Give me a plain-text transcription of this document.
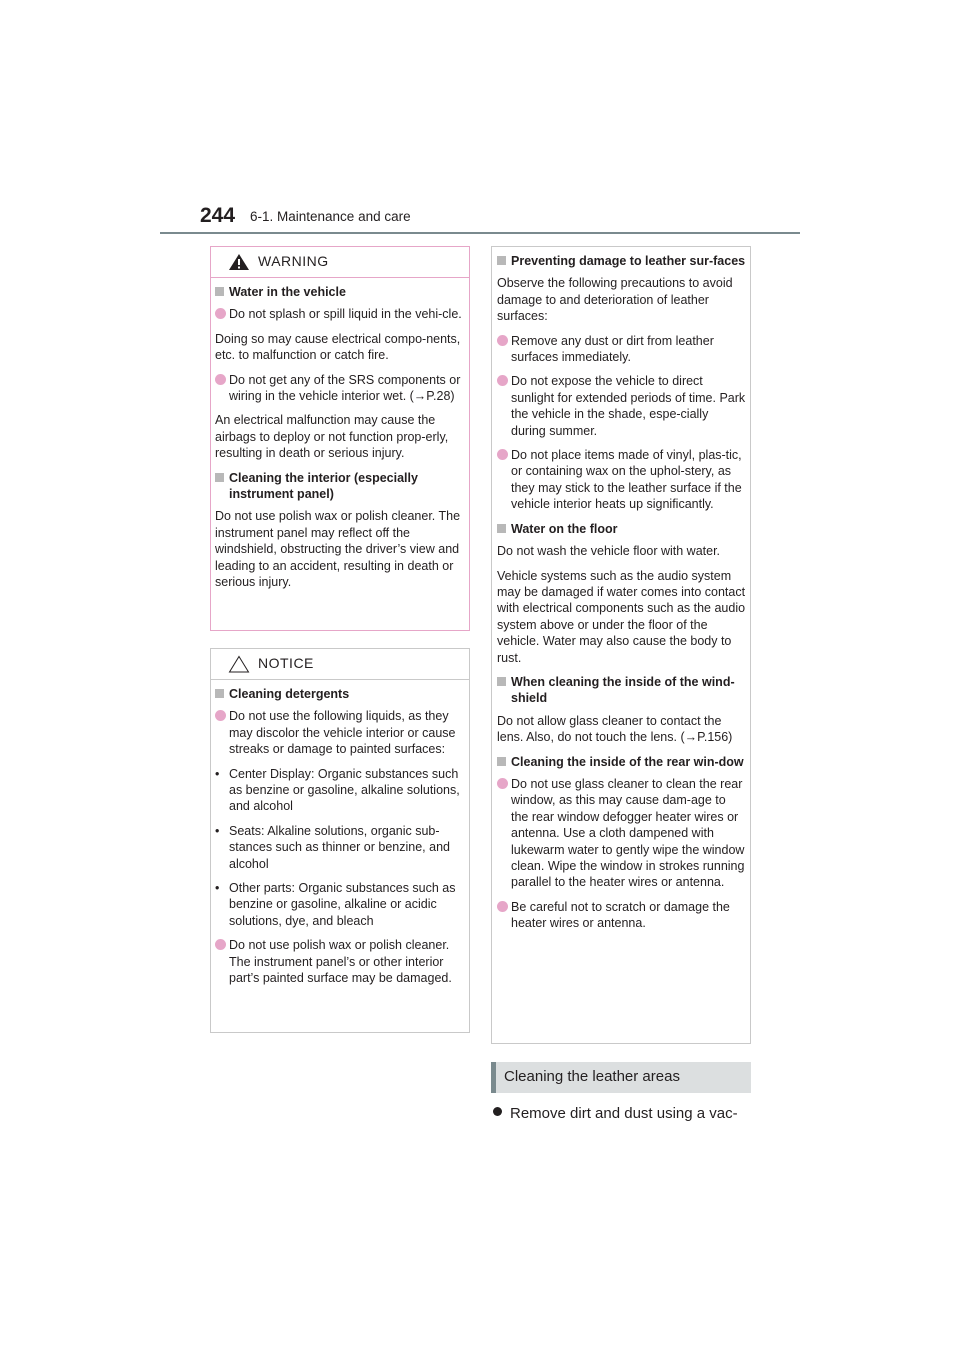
244 6-1. Maintenance and care
WARNING

Water in the vehicle

Do not splash or spill liquid in the vehi-cle.

Doing so may cause electrical compo-nents, etc. to malfunction or catch fire.

Do not get any of the SRS components or wiring in the vehicle interior wet. (→P.28)

An electrical malfunction may cause the airbags to deploy or not function prop-erly, resulting in death or serious injury.

Cleaning the interior (especially instrument panel)

Do not use polish wax or polish cleaner. The instrument panel may reflect off the windshield, obstructing the driver’s view and leading to an accident, resulting in death or serious injury.

NOTICE

Cleaning detergents

Do not use the following liquids, as they may discolor the vehicle interior or cause streaks or damage to painted surfaces:

• Center Display: Organic substances such as benzine or gasoline, alkaline solutions, and alcohol

• Seats: Alkaline solutions, organic sub-stances such as thinner or benzine, and alcohol

• Other parts: Organic substances such as benzine or gasoline, alkaline or acidic solutions, dye, and bleach

Do not use polish wax or polish cleaner. The instrument panel’s or other interior part’s painted surface may be damaged.

Preventing damage to leather sur-faces

Observe the following precautions to avoid damage to and deterioration of leather surfaces:

Remove any dust or dirt from leather surfaces immediately.

Do not expose the vehicle to direct sunlight for extended periods of time. Park the vehicle in the shade, espe-cially during summer.

Do not place items made of vinyl, plas-tic, or containing wax on the uphol-stery, as they may stick to the leather surface if the vehicle interior heats up significantly.

Water on the floor

Do not wash the vehicle floor with water.

Vehicle systems such as the audio system may be damaged if water comes into contact with electrical components such as the audio system above or under the floor of the vehicle. Water may also cause the body to rust.

When cleaning the inside of the wind-shield

Do not allow glass cleaner to contact the lens. Also, do not touch the lens. (→P.156)

Cleaning the inside of the rear win-dow

Do not use glass cleaner to clean the rear window, as this may cause dam-age to the rear window defogger heater wires or antenna. Use a cloth dampened with lukewarm water to gently wipe the window clean. Wipe the window in strokes running parallel to the heater wires or antenna.

Be careful not to scratch or damage the heater wires or antenna.

Cleaning the leather areas
Remove dirt and dust using a vac-
